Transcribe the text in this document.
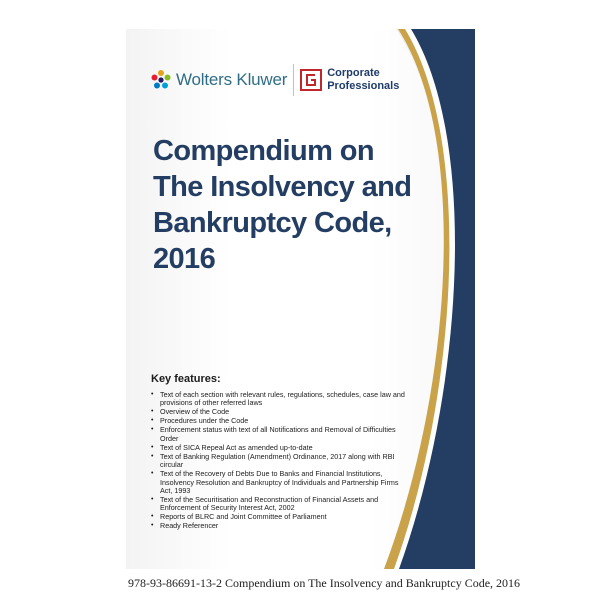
Wolters Kluwer	Corporate
Professionals
Compendium on
The Insolvency and
Bankruptcy Code,
2016
Key features:
• Text of each section with relevant rules, regulations, schedules, case law and provisions of other referred laws
• Overview of the Code
• Procedures under the Code
• Enforcement status with text of all Notifications and Removal of Difficulties Order
• Text of SICA Repeal Act as amended up-to-date
• Text of Banking Regulation (Amendment) Ordinance, 2017 along with RBI circular
• Text of the Recovery of Debts Due to Banks and Financial Institutions, Insolvency Resolution and Bankruptcy of Individuals and Partnership Firms Act, 1993
• Text of the Securitisation and Reconstruction of Financial Assets and Enforcement of Security Interest Act, 2002
• Reports of BLRC and Joint Committee of Parliament
• Ready Referencer
978-93-86691-13-2 Compendium on The Insolvency and Bankruptcy Code, 2016
